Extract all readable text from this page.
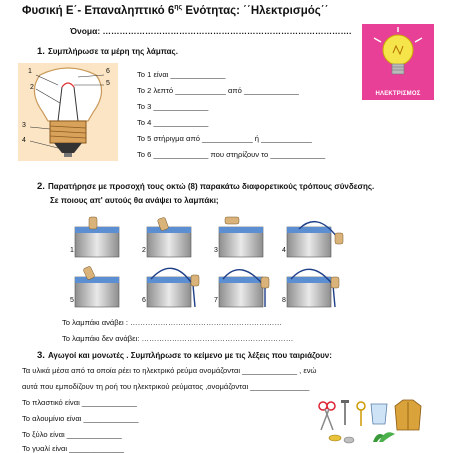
Φυσική Ε΄- Επαναληπτικό $6^{\eta\varsigma}$ Ενότητας: ΄΄Ηλεκτρισμός΄΄
Όνομα: …………………………………………………………………………….
ΗΛΕΚΤΡΙΣΜΟΣ
1. Συμπλήρωσε τα μέρη της λάμπας.
1
2
3
4
5
6	Το 1 είναι _____________
Το 2 λεπτό ____________ από _____________
Το 3 _____________
Το 4 _____________
Το 5 στήριγμα από ____________ ή ____________
Το 6 _____________ που στηρίζουν το _____________
2. Παρατήρησε με προσοχή τους οκτώ (8) παρακάτω διαφορετικούς τρόπους σύνδεσης.
Σε ποιους απ' αυτούς θα ανάψει το λαμπάκι;
1	2	3	4
5	6	7	8
Το λαμπάκι ανάβει : ……………………………………………………
Το λαμπάκι δεν ανάβει: ……………………………………………………
3. Αγωγοί και μονωτές . Συμπλήρωσε το κείμενο με τις λέξεις που ταιριάζουν:
Τα υλικά μέσα από τα οποία ρέει το ηλεκτρικό ρεύμα ονομάζονται _____________ , ενώ
αυτά που εμποδίζουν τη ροή του ηλεκτρικού ρεύματος ,ονομάζονται ______________
Το πλαστικό είναι _____________
Το αλουμίνιο είναι _____________
Το ξύλο είναι _____________
Το γυαλί είναι _____________
